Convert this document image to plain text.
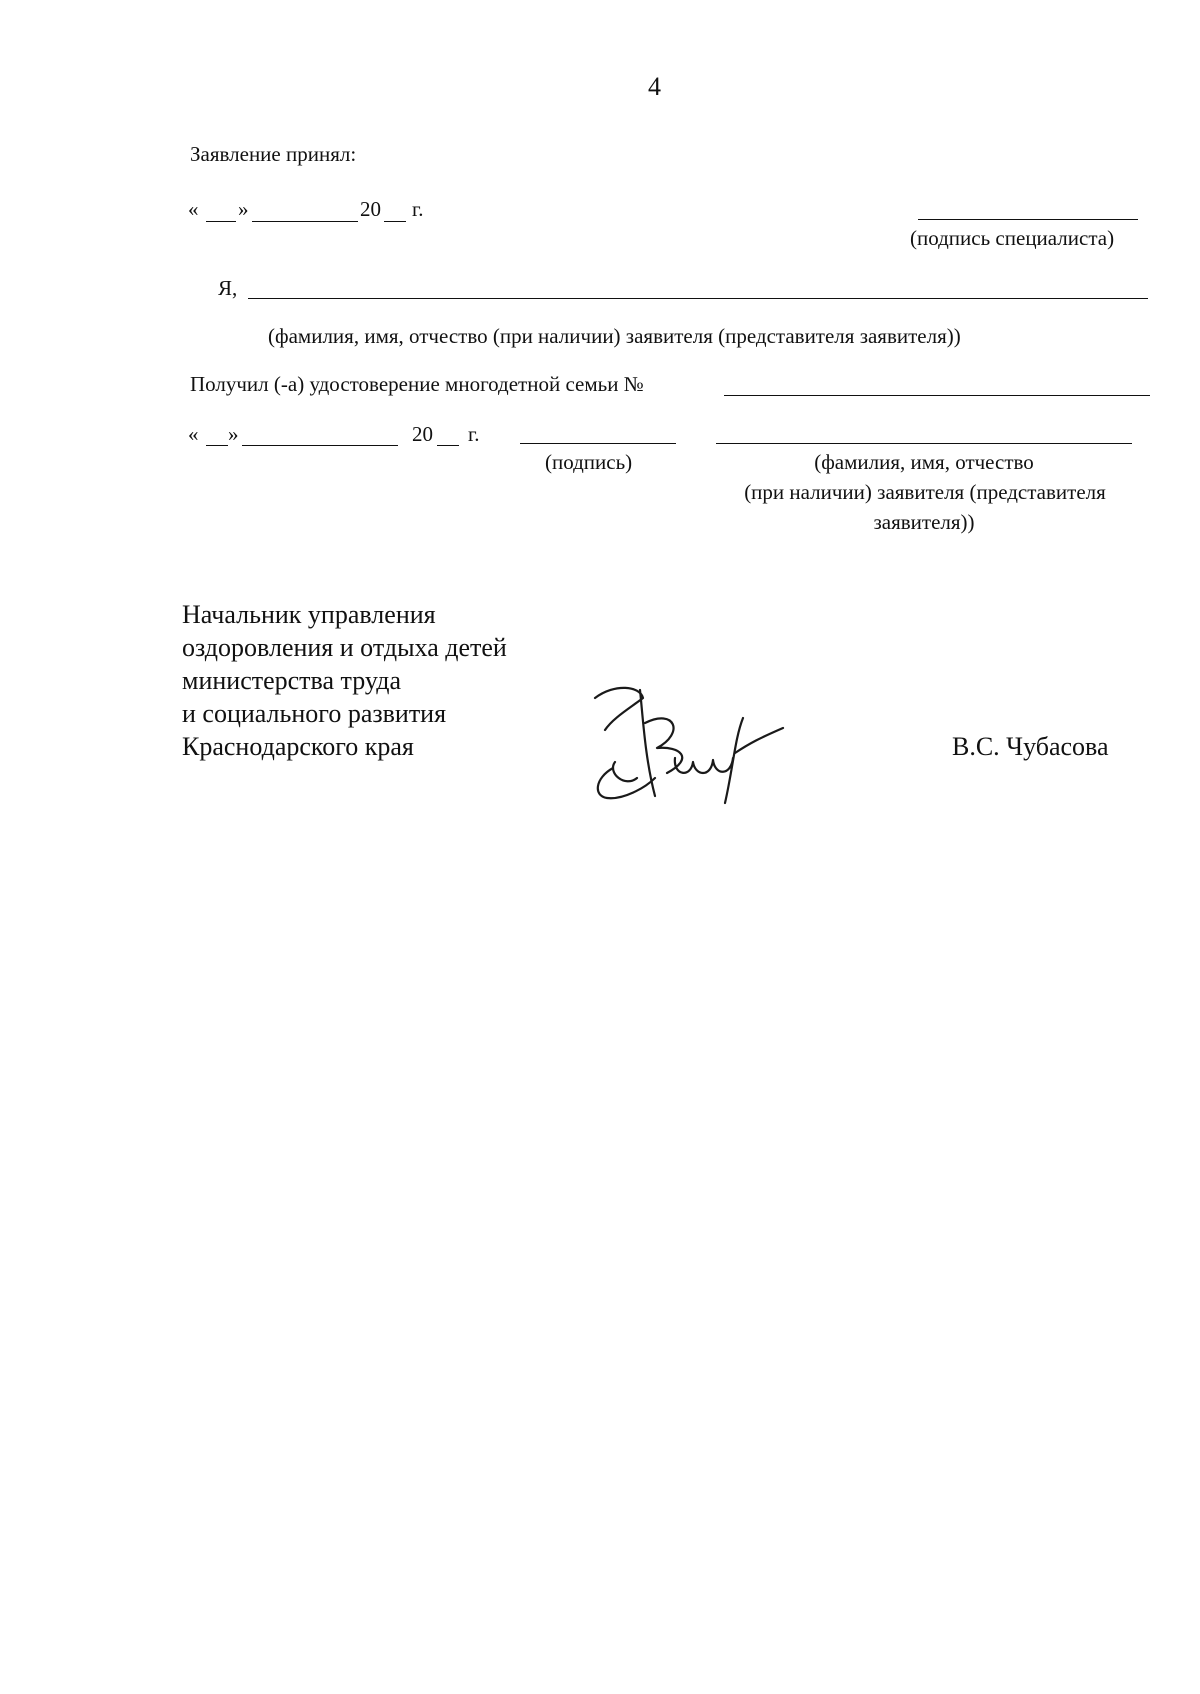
4
Заявление принял:
« »	20 г.
(подпись специалиста)
Я,
(фамилия, имя, отчество (при наличии) заявителя (представителя заявителя))
Получил (-а) удостоверение многодетной семьи №
« »	20 г.
(подпись)	(фамилия, имя, отчество
(при наличии) заявителя (представителя
заявителя))
Начальник управления
оздоровления и отдыха детей
министерства труда
и социального развития
Краснодарского края	В.С. Чубасова
